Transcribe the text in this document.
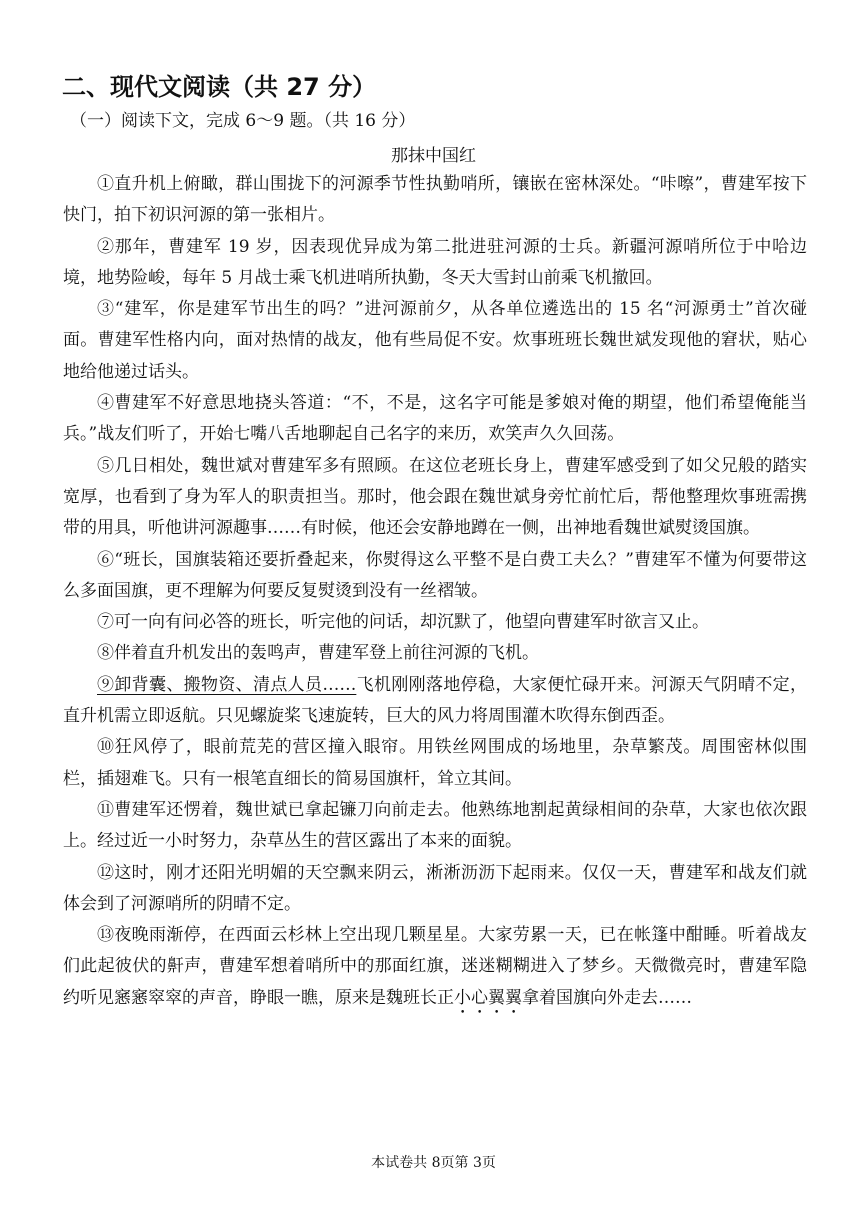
二、现代文阅读（共 27 分）
（一）阅读下文，完成 6～9 题。（共 16 分）
那抹中国红

①直升机上俯瞰，群山围拢下的河源季节性执勤哨所，镶嵌在密林深处。“咔嚓”，曹建军按下快门，拍下初识河源的第一张相片。

②那年，曹建军 19 岁，因表现优异成为第二批进驻河源的士兵。新疆河源哨所位于中哈边境，地势险峻，每年 5 月战士乘飞机进哨所执勤，冬天大雪封山前乘飞机撤回。

③“建军，你是建军节出生的吗？”进河源前夕，从各单位遴选出的 15 名“河源勇士”首次碰面。曹建军性格内向，面对热情的战友，他有些局促不安。炊事班班长魏世斌发现他的窘状，贴心地给他递过话头。

④曹建军不好意思地挠头答道：“不，不是，这名字可能是爹娘对俺的期望，他们希望俺能当兵。”战友们听了，开始七嘴八舌地聊起自己名字的来历，欢笑声久久回荡。

⑤几日相处，魏世斌对曹建军多有照顾。在这位老班长身上，曹建军感受到了如父兄般的踏实宽厚，也看到了身为军人的职责担当。那时，他会跟在魏世斌身旁忙前忙后，帮他整理炊事班需携带的用具，听他讲河源趣事……有时候，他还会安静地蹲在一侧，出神地看魏世斌熨烫国旗。

⑥“班长，国旗装箱还要折叠起来，你熨得这么平整不是白费工夫么？”曹建军不懂为何要带这么多面国旗，更不理解为何要反复熨烫到没有一丝褶皱。

⑦可一向有问必答的班长，听完他的问话，却沉默了，他望向曹建军时欲言又止。

⑧伴着直升机发出的轰鸣声，曹建军登上前往河源的飞机。

⑨卸背囊、搬物资、清点人员……飞机刚刚落地停稳，大家便忙碌开来。河源天气阴晴不定，直升机需立即返航。只见螺旋桨飞速旋转，巨大的风力将周围灌木吹得东倒西歪。

⑩狂风停了，眼前荒芜的营区撞入眼帘。用铁丝网围成的场地里，杂草繁茂。周围密林似围栏，插翅难飞。只有一根笔直细长的简易国旗杆，耸立其间。

⑪曹建军还愣着，魏世斌已拿起镰刀向前走去。他熟练地割起黄绿相间的杂草，大家也依次跟上。经过近一小时努力，杂草丛生的营区露出了本来的面貌。

⑫这时，刚才还阳光明媚的天空飘来阴云，淅淅沥沥下起雨来。仅仅一天，曹建军和战友们就体会到了河源哨所的阴晴不定。

⑬夜晚雨渐停，在西面云杉林上空出现几颗星星。大家劳累一天，已在帐篷中酣睡。听着战友们此起彼伏的鼾声，曹建军想着哨所中的那面红旗，迷迷糊糊进入了梦乡。天微微亮时，曹建军隐约听见窸窸窣窣的声音，睁眼一瞧，原来是魏班长正小心翼翼拿着国旗向外走去……

本试卷共 8页第 3页
